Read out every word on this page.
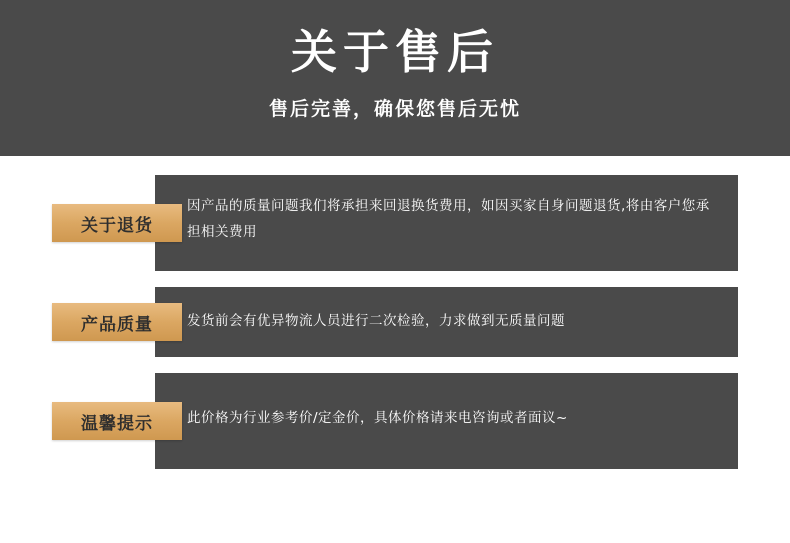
关于售后
售后完善，确保您售后无忧
因产品的质量问题我们将承担来回退换货费用，如因买家自身问题退货,将由客户您承担相关费用
关于退货
发货前会有优异物流人员进行二次检验，力求做到无质量问题
产品质量
此价格为行业参考价/定金价，具体价格请来电咨询或者面议~
温馨提示
